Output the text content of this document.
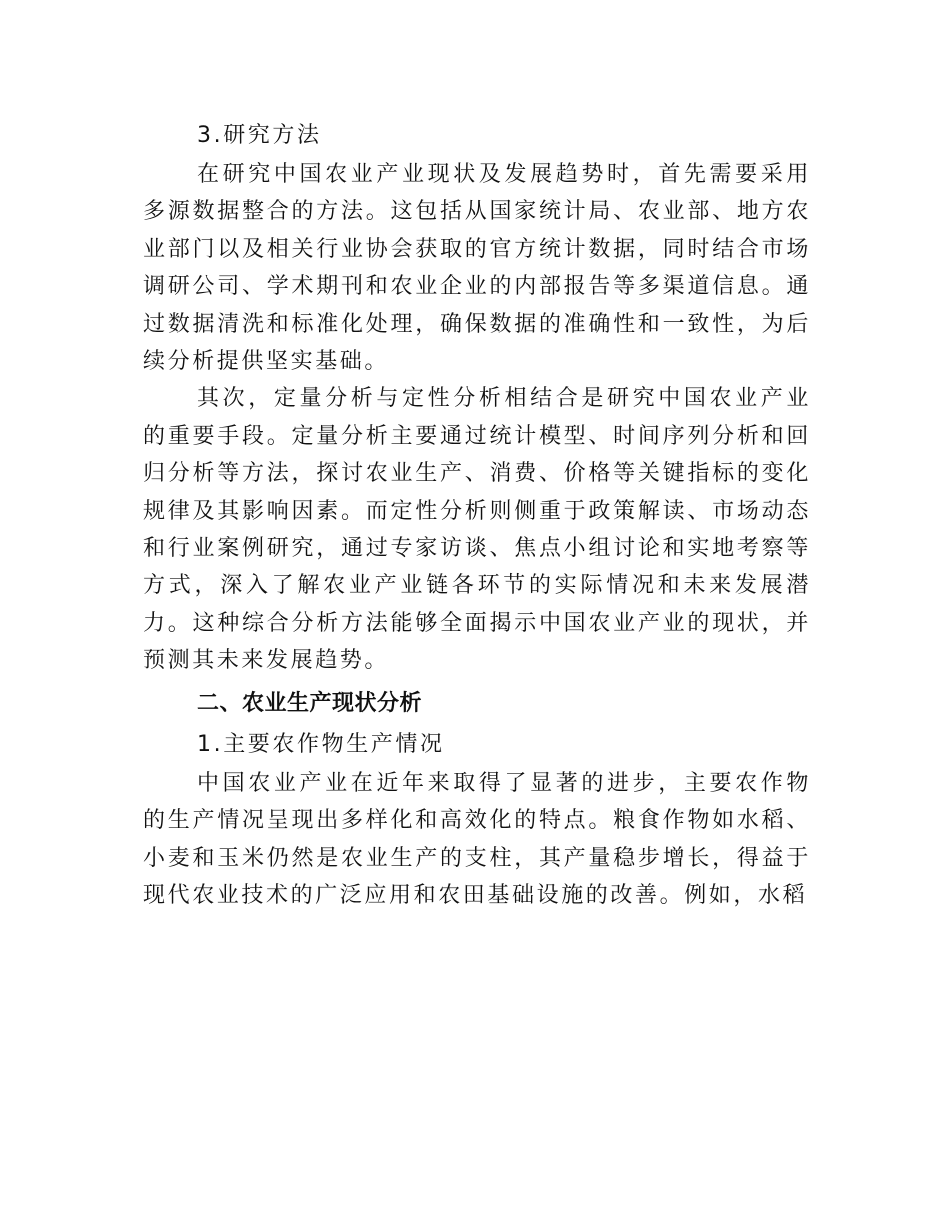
3.研究方法

在研究中国农业产业现状及发展趋势时，首先需要采用多源数据整合的方法。这包括从国家统计局、农业部、地方农业部门以及相关行业协会获取的官方统计数据，同时结合市场调研公司、学术期刊和农业企业的内部报告等多渠道信息。通过数据清洗和标准化处理，确保数据的准确性和一致性，为后续分析提供坚实基础。

其次，定量分析与定性分析相结合是研究中国农业产业的重要手段。定量分析主要通过统计模型、时间序列分析和回归分析等方法，探讨农业生产、消费、价格等关键指标的变化规律及其影响因素。而定性分析则侧重于政策解读、市场动态和行业案例研究，通过专家访谈、焦点小组讨论和实地考察等方式，深入了解农业产业链各环节的实际情况和未来发展潜力。这种综合分析方法能够全面揭示中国农业产业的现状，并预测其未来发展趋势。

二、农业生产现状分析

1.主要农作物生产情况

中国农业产业在近年来取得了显著的进步，主要农作物的生产情况呈现出多样化和高效化的特点。粮食作物如水稻、小麦和玉米仍然是农业生产的支柱，其产量稳步增长，得益于现代农业技术的广泛应用和农田基础设施的改善。例如，水稻
